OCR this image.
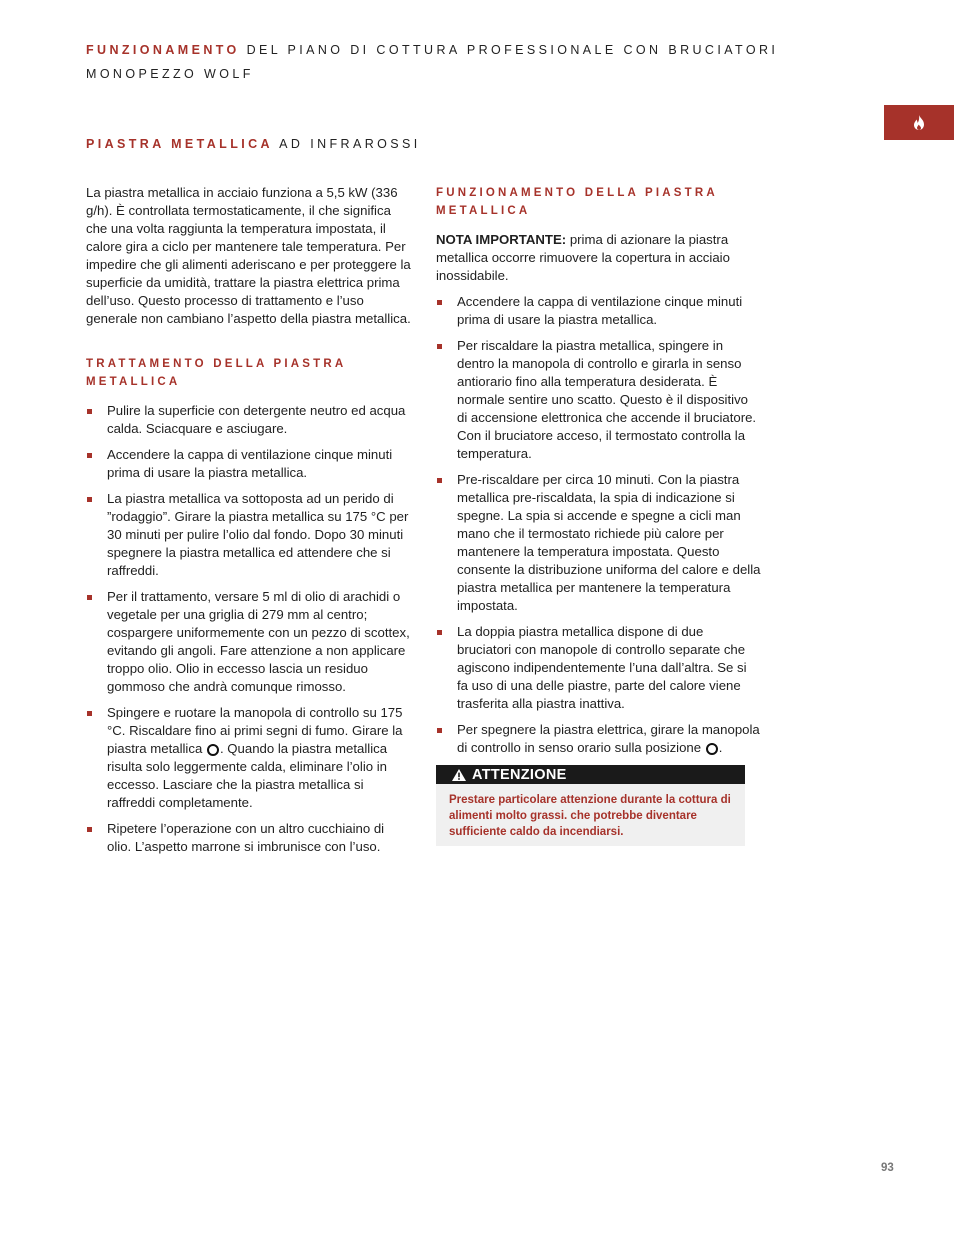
FUNZIONAMENTO DEL PIANO DI COTTURA PROFESSIONALE CON BRUCIATORI
MONOPEZZO WOLF
PIASTRA METALLICA AD INFRAROSSI

La piastra metallica in acciaio funziona a 5,5 kW (336 g/h). È controllata termostaticamente, il che significa che una volta raggiunta la temperatura impostata, il calore gira a ciclo per mantenere tale temperatura. Per impedire che gli alimenti aderiscano e per proteggere la superficie da umidità, trattare la piastra elettrica prima dell’uso. Questo processo di trattamento e l’uso generale non cambiano l’aspetto della piastra metallica.

TRATTAMENTO DELLA PIASTRA METALLICA
Pulire la superficie con detergente neutro ed acqua calda. Sciacquare e asciugare.
Accendere la cappa di ventilazione cinque minuti prima di usare la piastra metallica.
La piastra metallica va sottoposta ad un perido di ”rodaggio”. Girare la piastra metallica su 175 °C per 30 minuti per pulire l’olio dal fondo. Dopo 30 minuti spegnere la piastra metallica ed attendere che si raffreddi.
Per il trattamento, versare 5 ml di olio di arachidi o vegetale per una griglia di 279 mm al centro; cospargere uniformemente con un pezzo di scottex, evitando gli angoli. Fare attenzione a non applicare troppo olio. Olio in eccesso lascia un residuo gommoso che andrà comunque rimosso.
Spingere e ruotare la manopola di controllo su 175 °C. Riscaldare fino ai primi segni di fumo. Girare la piastra metallica . Quando la piastra metallica risulta solo leggermente calda, eliminare l’olio in eccesso. Lasciare che la piastra metallica si raffreddi completamente.
Ripetere l’operazione con un altro cucchiaino di olio. L’aspetto marrone si imbrunisce con l’uso.
FUNZIONAMENTO DELLA PIASTRA METALLICA

NOTA IMPORTANTE: prima di azionare la piastra metallica occorre rimuovere la copertura in acciaio inossidabile.

Accendere la cappa di ventilazione cinque minuti prima di usare la piastra metallica.
Per riscaldare la piastra metallica, spingere in dentro la manopola di controllo e girarla in senso antiorario fino alla temperatura desiderata. È normale sentire uno scatto. Questo è il dispositivo di accensione elettronica che accende il bruciatore. Con il bruciatore acceso, il termostato controlla la temperatura.
Pre-riscaldare per circa 10 minuti. Con la piastra metallica pre-riscaldata, la spia di indicazione si spegne. La spia si accende e spegne a cicli man mano che il termostato richiede più calore per mantenere la temperatura impostata. Questo consente la distribuzione uniforma del calore e della piastra metallica per mantenere la temperatura impostata.
La doppia piastra metallica dispone di due bruciatori con manopole di controllo separate che agiscono indipendentemente l’una dall’altra. Se si fa uso di una delle piastre, parte del calore viene trasferita alla piastra inattiva.
Per spegnere la piastra elettrica, girare la manopola di controllo in senso orario sulla posizione .
ATTENZIONE
Prestare particolare attenzione durante la cottura di alimenti molto grassi. che potrebbe diventare sufficiente caldo da incendiarsi.
93
